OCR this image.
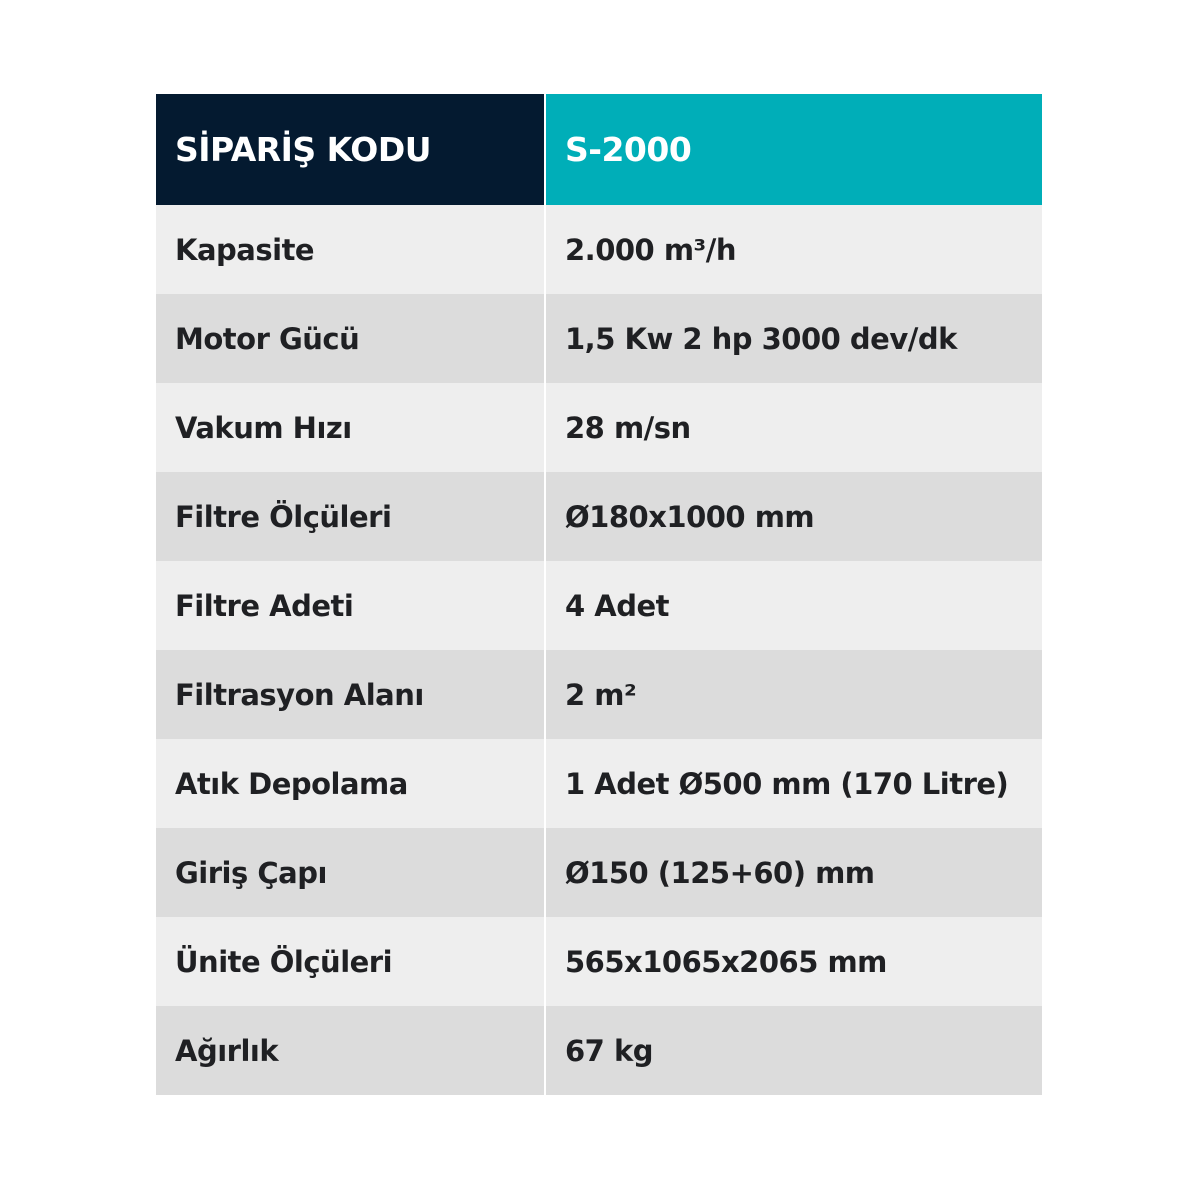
SİPARİŞ KODU	S-2000
Kapasite	2.000 m³/h
Motor Gücü	1,5 Kw 2 hp 3000 dev/dk
Vakum Hızı	28 m/sn
Filtre Ölçüleri	Ø180x1000 mm
Filtre Adeti	4 Adet
Filtrasyon Alanı	2 m²
Atık Depolama	1 Adet Ø500 mm (170 Litre)
Giriş Çapı	Ø150 (125+60) mm
Ünite Ölçüleri	565x1065x2065 mm
Ağırlık	67 kg
